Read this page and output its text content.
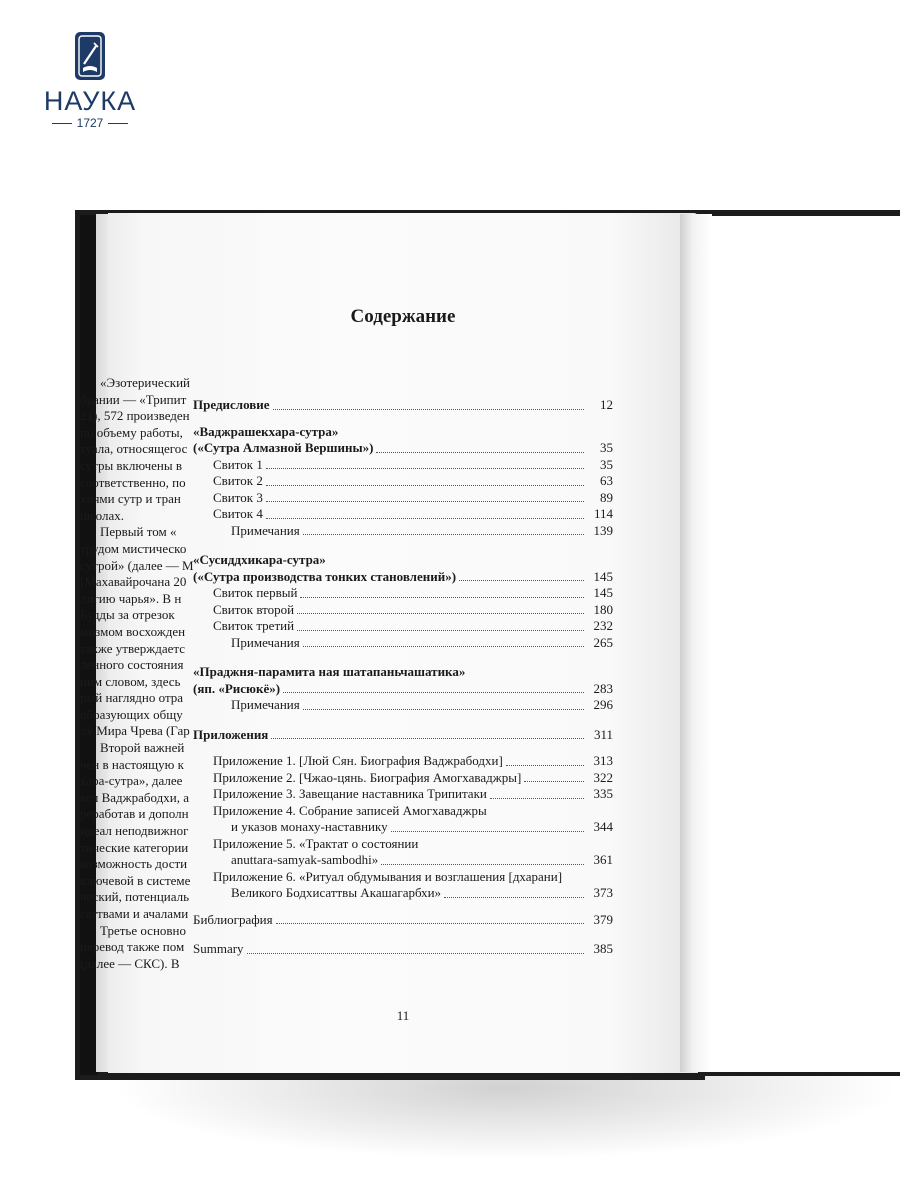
НАУКА
1727
Содержание
Предисловие	12
«Ваджрашекхара-сутра»
(«Сутра Алмазной Вершины»)	35
Свиток 1	35
Свиток 2	63
Свиток 3	89
Свиток 4	114
Примечания	139
«Сусиддхикара-сутра»
(«Сутра производства тонких становлений»)	145
Свиток первый	145
Свиток второй	180
Свиток третий	232
Примечания	265
«Праджня-парамита ная шатапаньчашатика»
(яп. «Рисюкё»)	283
Примечания	296
Приложения	311
Приложение 1. [Люй Сян. Биография Ваджрабодхи]	313
Приложение 2. [Чжао-цянь. Биография Амогхаваджры]	322
Приложение 3. Завещание наставника Трипитаки	335
Приложение 4. Собрание записей Амогхаваджры
и указов монаху-наставнику	344
Приложение 5. «Трактат о состоянии
anuttara-samyak-sambodhi»	361
Приложение 6. «Ритуал обдумывания и возглашения [дхарани]
Великого Бодхисаттвы Акашагарбхи»	373
Библиография	379
Summary	385
11
«Эзотерический
брании — «Трипит
21), 572 произведен
по объему работы,
туала, относящегос
сутры включены в
соответственно, по
хиями сутр и тран
школах.
Первый том «
трудом мистическо
сутрой» (далее — М
[Махавайрочана 20
лигию чарья». В н
Будды за отрезок
мизмом восхожден
также утверждаетс
ленного состояния
ним словом, здесь
рый наглядно отра
образующих общу
лу Мира Чрева (Гар
Второй важней
чен в настоящую к
хара-сутра», далее
вел Ваджрабодхи, а
реработав и дополн
идеал неподвижног
тические категории
возможность дости
ключевой в системе
ческий, потенциаль
саттвами и ачалами
Третье основно
перевод также пом
(далее — СКС). В
